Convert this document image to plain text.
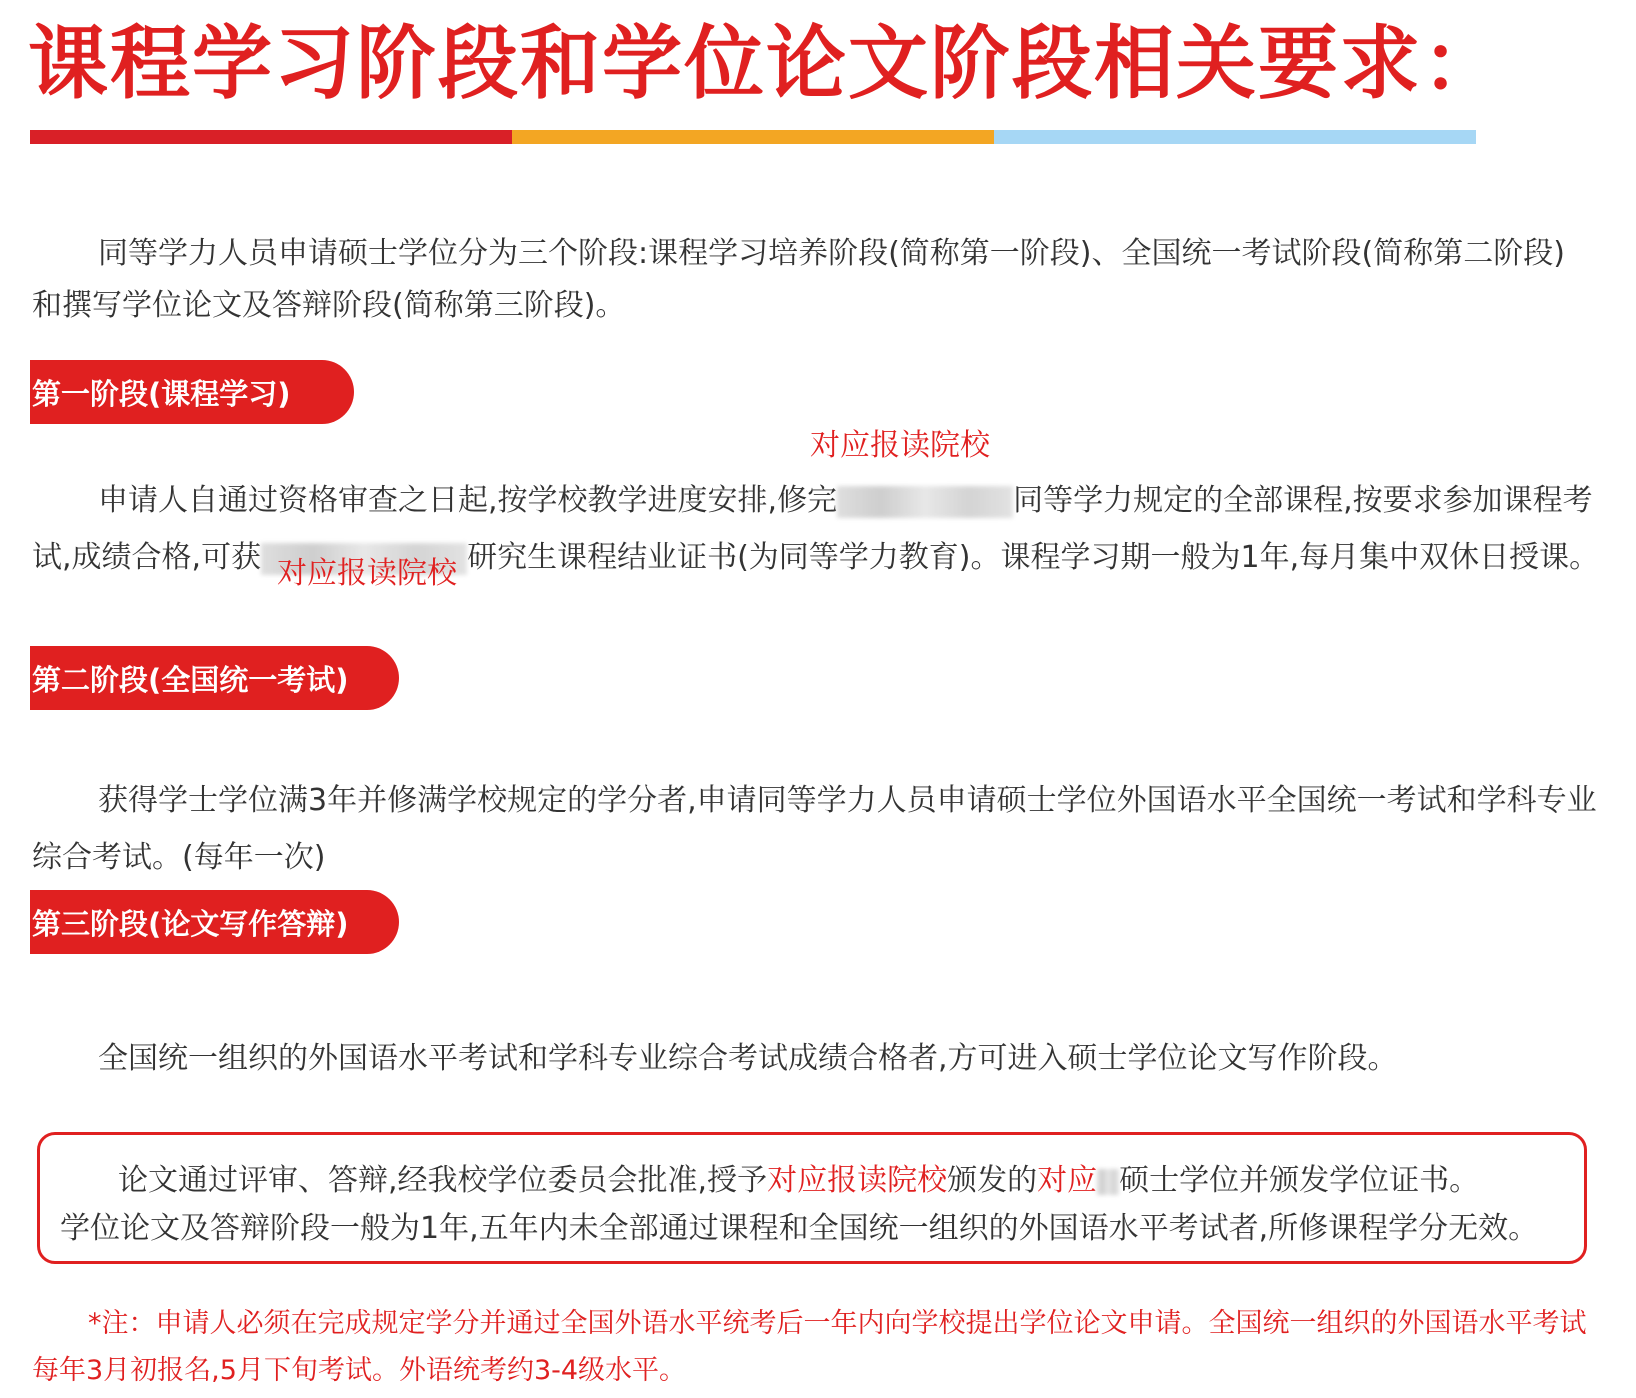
课程学习阶段和学位论文阶段相关要求：

同等学力人员申请硕士学位分为三个阶段:课程学习培养阶段(简称第一阶段)、全国统一考试阶段(简称第二阶段)和撰写学位论文及答辩阶段(简称第三阶段)。

第一阶段(课程学习)
对应报读院校

申请人自通过资格审查之日起,按学校教学进度安排,修完	同等学力规定的全部课程,按要求参加课程考试,成绩合格,可获	研究生课程结业证书(为同等学力教育)。课程学习期一般为1年,每月集中双休日授课。

对应报读院校
第二阶段(全国统一考试)

获得学士学位满3年并修满学校规定的学分者,申请同等学力人员申请硕士学位外国语水平全国统一考试和学科专业综合考试。(每年一次)

第三阶段(论文写作答辩)

全国统一组织的外国语水平考试和学科专业综合考试成绩合格者,方可进入硕士学位论文写作阶段。

论文通过评审、答辩,经我校学位委员会批准,授予对应报读院校颁发的对应 硕士学位并颁发学位证书。

学位论文及答辩阶段一般为1年,五年内未全部通过课程和全国统一组织的外国语水平考试者,所修课程学分无效。

*注：申请人必须在完成规定学分并通过全国外语水平统考后一年内向学校提出学位论文申请。全国统一组织的外国语水平考试每年3月初报名,5月下旬考试。外语统考约3-4级水平。
